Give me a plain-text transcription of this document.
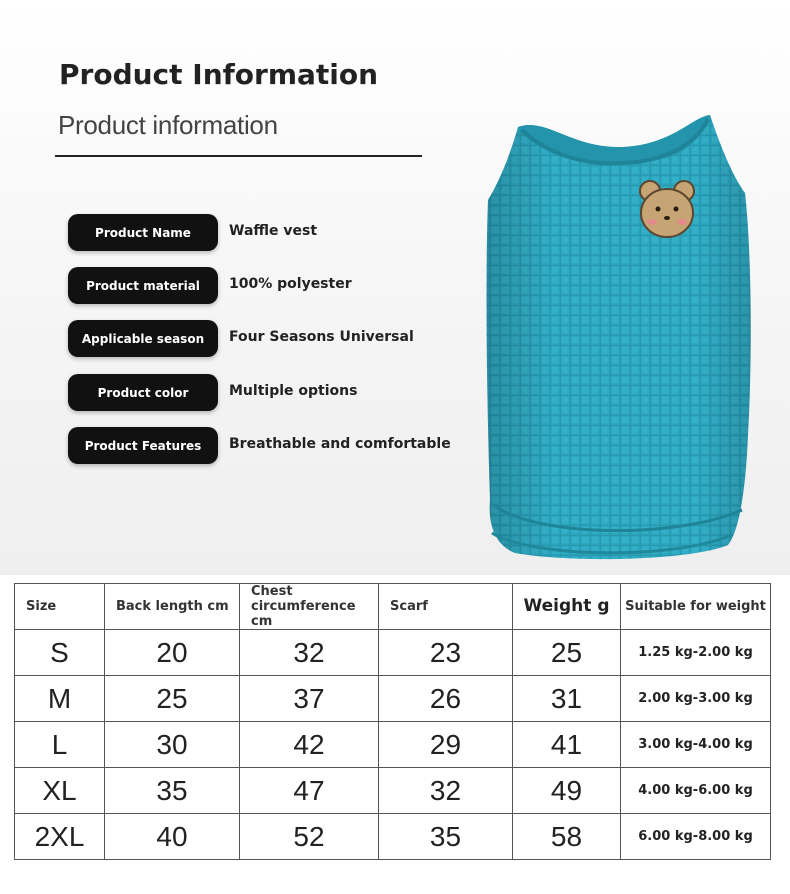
Product Information
Product information
Product Name	Waffle vest
Product material	100% polyester
Applicable season	Four Seasons Universal
Product color	Multiple options
Product Features	Breathable and comfortable
Size	Back length cm	Chest circumference cm	Scarf	Weight g	Suitable for weight
S	20	32	23	25	1.25 kg-2.00 kg
M	25	37	26	31	2.00 kg-3.00 kg
L	30	42	29	41	3.00 kg-4.00 kg
XL	35	47	32	49	4.00 kg-6.00 kg
2XL	40	52	35	58	6.00 kg-8.00 kg
